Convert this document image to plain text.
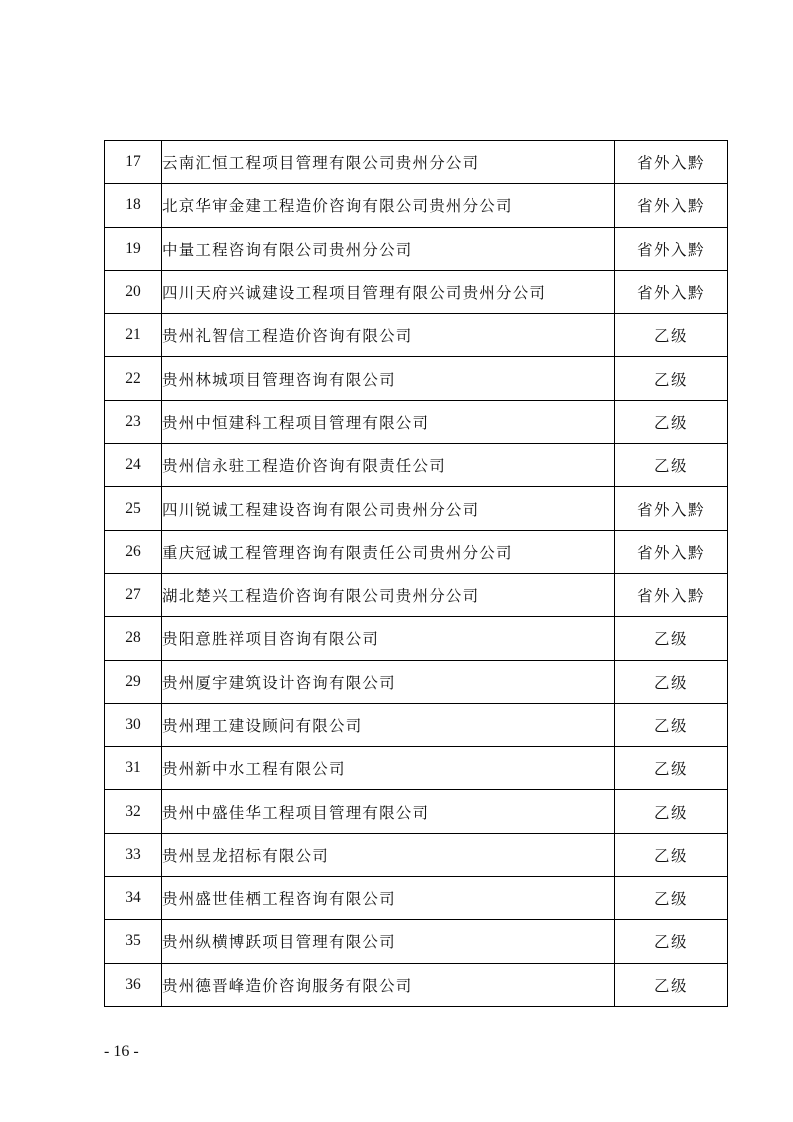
17	云南汇恒工程项目管理有限公司贵州分公司	省外入黔
18	北京华审金建工程造价咨询有限公司贵州分公司	省外入黔
19	中量工程咨询有限公司贵州分公司	省外入黔
20	四川天府兴诚建设工程项目管理有限公司贵州分公司	省外入黔
21	贵州礼智信工程造价咨询有限公司	乙级
22	贵州林城项目管理咨询有限公司	乙级
23	贵州中恒建科工程项目管理有限公司	乙级
24	贵州信永驻工程造价咨询有限责任公司	乙级
25	四川锐诚工程建设咨询有限公司贵州分公司	省外入黔
26	重庆冠诚工程管理咨询有限责任公司贵州分公司	省外入黔
27	湖北楚兴工程造价咨询有限公司贵州分公司	省外入黔
28	贵阳意胜祥项目咨询有限公司	乙级
29	贵州厦宇建筑设计咨询有限公司	乙级
30	贵州理工建设顾问有限公司	乙级
31	贵州新中水工程有限公司	乙级
32	贵州中盛佳华工程项目管理有限公司	乙级
33	贵州昱龙招标有限公司	乙级
34	贵州盛世佳栖工程咨询有限公司	乙级
35	贵州纵横博跃项目管理有限公司	乙级
36	贵州德晋峰造价咨询服务有限公司	乙级
- 16 -
